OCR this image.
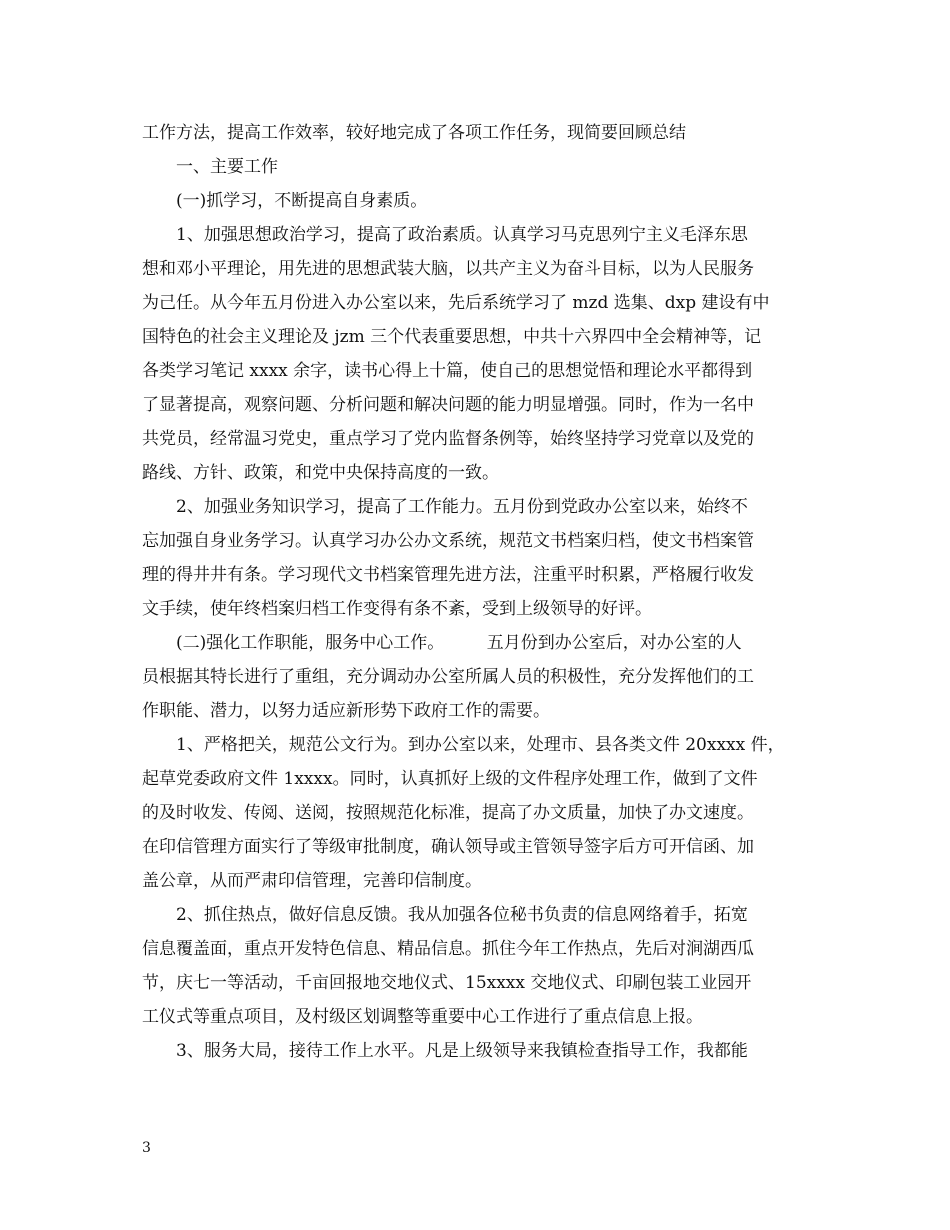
工作方法，提高工作效率，较好地完成了各项工作任务，现简要回顾总结
一、主要工作
(一)抓学习，不断提高自身素质。
1、加强思想政治学习，提高了政治素质。认真学习马克思列宁主义毛泽东思
想和邓小平理论，用先进的思想武装大脑，以共产主义为奋斗目标，以为人民服务
为己任。从今年五月份进入办公室以来，先后系统学习了 mzd 选集、dxp 建设有中
国特色的社会主义理论及 jzm 三个代表重要思想，中共十六界四中全会精神等，记
各类学习笔记 xxxx 余字，读书心得上十篇，使自己的思想觉悟和理论水平都得到
了显著提高，观察问题、分析问题和解决问题的能力明显增强。同时，作为一名中
共党员，经常温习党史，重点学习了党内监督条例等，始终坚持学习党章以及党的
路线、方针、政策，和党中央保持高度的一致。
2、加强业务知识学习，提高了工作能力。五月份到党政办公室以来，始终不
忘加强自身业务学习。认真学习办公办文系统，规范文书档案归档，使文书档案管
理的得井井有条。学习现代文书档案管理先进方法，注重平时积累，严格履行收发
文手续，使年终档案归档工作变得有条不紊，受到上级领导的好评。
(二)强化工作职能，服务中心工作。　　　五月份到办公室后，对办公室的人
员根据其特长进行了重组，充分调动办公室所属人员的积极性，充分发挥他们的工
作职能、潜力，以努力适应新形势下政府工作的需要。
1、严格把关，规范公文行为。到办公室以来，处理市、县各类文件 20xxxx 件，
起草党委政府文件 1xxxx。同时，认真抓好上级的文件程序处理工作，做到了文件
的及时收发、传阅、送阅，按照规范化标准，提高了办文质量，加快了办文速度。
在印信管理方面实行了等级审批制度，确认领导或主管领导签字后方可开信函、加
盖公章，从而严肃印信管理，完善印信制度。
2、抓住热点，做好信息反馈。我从加强各位秘书负责的信息网络着手，拓宽
信息覆盖面，重点开发特色信息、精品信息。抓住今年工作热点，先后对涧湖西瓜
节，庆七一等活动，千亩回报地交地仪式、15xxxx 交地仪式、印刷包装工业园开
工仪式等重点项目，及村级区划调整等重要中心工作进行了重点信息上报。
3、服务大局，接待工作上水平。凡是上级领导来我镇检查指导工作，我都能
3
